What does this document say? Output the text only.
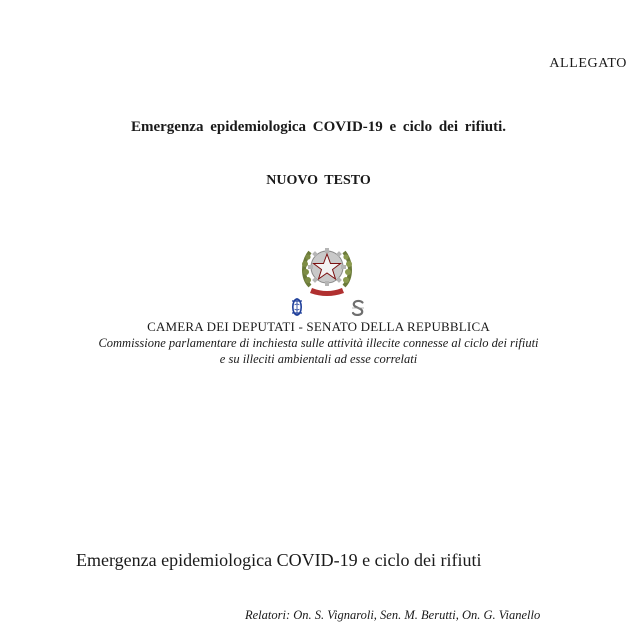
ALLEGATO
Emergenza epidemiologica COVID-19 e ciclo dei rifiuti.
NUOVO TESTO
CAMERA DEI DEPUTATI - SENATO DELLA REPUBBLICA
Commissione parlamentare di inchiesta sulle attività illecite connesse al ciclo dei rifiuti
e su illeciti ambientali ad esse correlati
Emergenza epidemiologica COVID-19 e ciclo dei rifiuti
Relatori: On. S. Vignaroli, Sen. M. Berutti, On. G. Vianello
